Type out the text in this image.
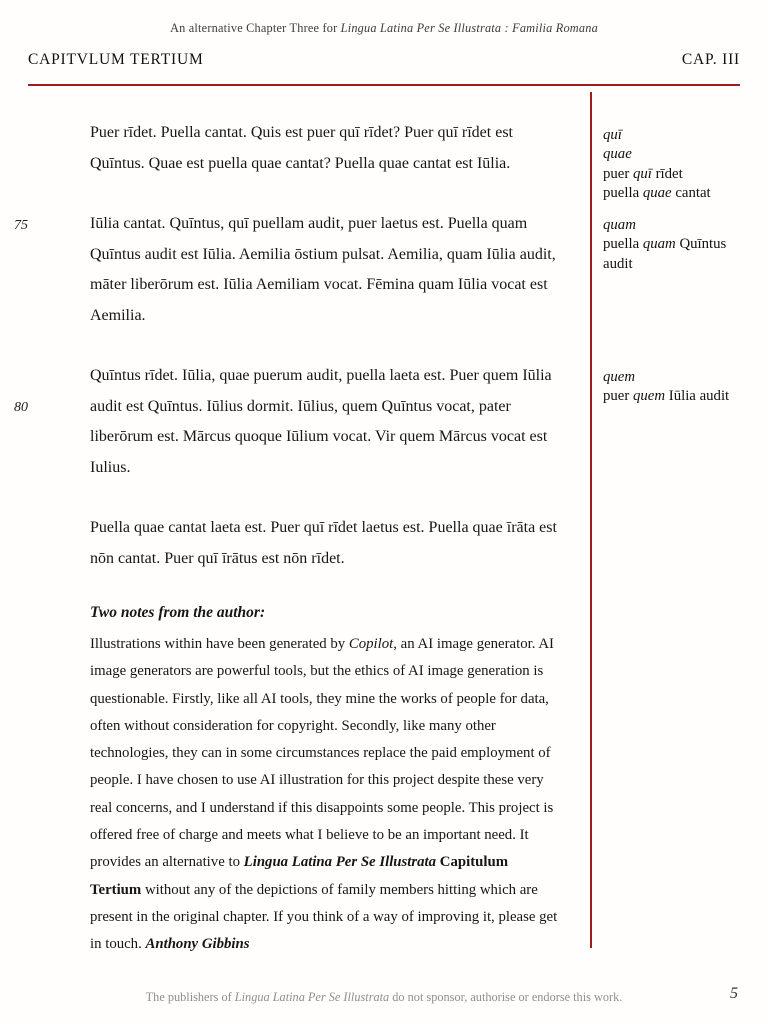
An alternative Chapter Three for Lingua Latina Per Se Illustrata : Familia Romana
CAPITVLUM TERTIUM	CAP. III
75
80

Puer rīdet. Puella cantat. Quis est puer quī rīdet? Puer quī rīdet est Quīntus. Quae est puella quae cantat? Puella quae cantat est Iūlia.

Iūlia cantat. Quīntus, quī puellam audit, puer laetus est. Puella quam Quīntus audit est Iūlia. Aemilia ōstium pulsat. Aemilia, quam Iūlia audit, māter liberōrum est. Iūlia Aemiliam vocat. Fēmina quam Iūlia vocat est Aemilia.

Quīntus rīdet. Iūlia, quae puerum audit, puella laeta est. Puer quem Iūlia audit est Quīntus. Iūlius dormit. Iūlius, quem Quīntus vocat, pater liberōrum est. Mārcus quoque Iūlium vocat. Vir quem Mārcus vocat est Iulius.

Puella quae cantat laeta est. Puer quī rīdet laetus est. Puella quae īrāta est nōn cantat. Puer quī īrātus est nōn rīdet.

Two notes from the author:

Illustrations within have been generated by Copilot, an AI image generator. AI image generators are powerful tools, but the ethics of AI image generation is questionable. Firstly, like all AI tools, they mine the works of people for data, often without consideration for copyright. Secondly, like many other technologies, they can in some circumstances replace the paid employment of people. I have chosen to use AI illustration for this project despite these very real concerns, and I understand if this disappoints some people. This project is offered free of charge and meets what I believe to be an important need. It provides an alternative to Lingua Latina Per Se Illustrata Capitulum Tertium without any of the depictions of family members hitting which are present in the original chapter. If you think of a way of improving it, please get in touch. Anthony Gibbins

quī
quae
puer quī rīdet
puella quae cantat
quam
puella quam Quīntus audit
quem
puer quem Iūlia audit
The publishers of Lingua Latina Per Se Illustrata do not sponsor, authorise or endorse this work.	5
